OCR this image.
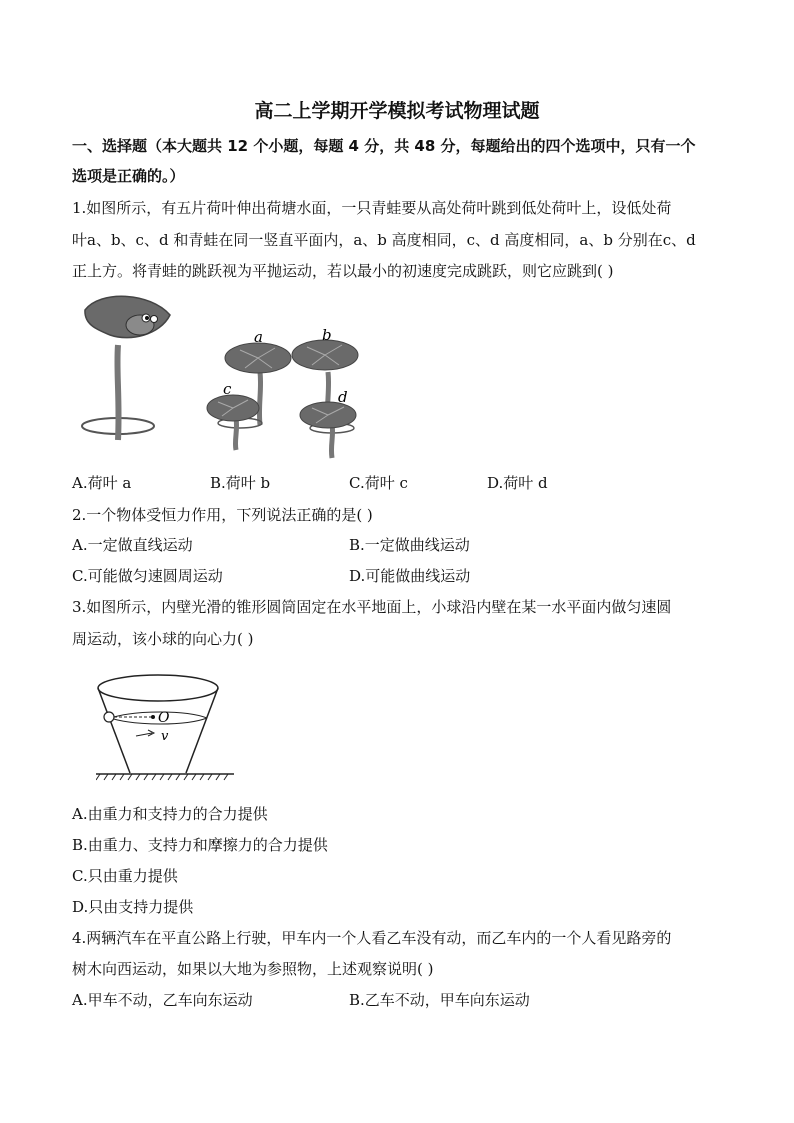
高二上学期开学模拟考试物理试题
一、选择题（本大题共 12 个小题，每题 4 分，共 48 分，每题给出的四个选项中，只有一个
选项是正确的。）
1.如图所示，有五片荷叶伸出荷塘水面，一只青蛙要从高处荷叶跳到低处荷叶上，设低处荷
叶a、b、c、d 和青蛙在同一竖直平面内，a、b 高度相同，c、d 高度相同，a、b 分别在c、d
正上方。将青蛙的跳跃视为平抛运动，若以最小的初速度完成跳跃，则它应跳到( )
a	b
c	d
A.荷叶 a	B.荷叶 b	C.荷叶 c	D.荷叶 d
2.一个物体受恒力作用，下列说法正确的是( )
A.一定做直线运动	B.一定做曲线运动
C.可能做匀速圆周运动	D.可能做曲线运动
3.如图所示，内壁光滑的锥形圆筒固定在水平地面上，小球沿内壁在某一水平面内做匀速圆
周运动，该小球的向心力( )
O
v
A.由重力和支持力的合力提供
B.由重力、支持力和摩擦力的合力提供
C.只由重力提供
D.只由支持力提供
4.两辆汽车在平直公路上行驶，甲车内一个人看乙车没有动，而乙车内的一个人看见路旁的
树木向西运动，如果以大地为参照物，上述观察说明( )
A.甲车不动，乙车向东运动	B.乙车不动，甲车向东运动
